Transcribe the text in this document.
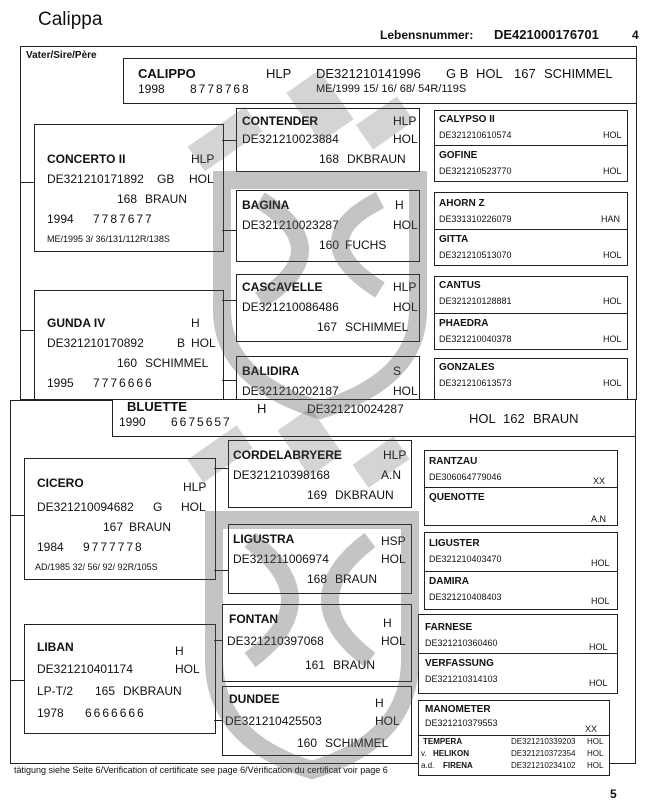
Calippa
Lebensnummer: DE421000176701	4
Vater/Sire/Père
CALIPPO	HLP DE321210141996 G B HOL 167 SCHIMMEL
1998 8778768	ME/1999 15/ 16/ 68/ 54R/119S
CONCERTO II	HLP
DE321210171892 GB HOL
168 BRAUN
1994 7787677
ME/1995 3/ 36/131/112R/138S
GUNDA IV	H
DE321210170892	B HOL
160 SCHIMMEL
1995 7776666
CONTENDER	HLP
DE321210023884	HOL
168 DKBRAUN
BAGINA	H
DE321210023287	HOL
160 FUCHS
CASCAVELLE	HLP
DE321210086486	HOL
167 SCHIMMEL
BALIDIRA	S
DE321210202187	HOL
CALYPSO II
DE321210610574	HOL
GOFINE
DE321210523770	HOL
AHORN Z
DE331310226079	HAN
GITTA
DE321210513070	HOL
CANTUS
DE321210128881	HOL
PHAEDRA
DE321210040378	HOL
GONZALES
DE321210613573	HOL
BLUETTE	H	DE321210024287
HOL 162 BRAUN
1990 6675657
CICERO	HLP
DE321210094682 G HOL
167 BRAUN
1984 9777778
AD/1985 32/ 56/ 92/ 92R/105S
LIBAN	H
DE321210401174	HOL
LP-T/2 165 DKBRAUN
1978 6666666
CORDELABRYERE	HLP
DE321210398168	A.N
169 DKBRAUN
LIGUSTRA	HSP
DE321211006974	HOL
168 BRAUN
FONTAN	H
DE321210397068	HOL
161 BRAUN
DUNDEE	H
DE321210425503	HOL
160 SCHIMMEL
RANTZAU
DE306064779046	XX
QUENOTTE
A.N
LIGUSTER
DE321210403470	HOL
DAMIRA
DE321210408403	HOL
FARNESE
DE321210360460	HOL
VERFASSUNG
DE321210314103	HOL
MANOMETER
DE321210379553
XX
TEMPERA	DE321210339203 HOL
v. HELIKON	DE321210372354 HOL
a.d. FIRENA	DE321210234102 HOL
tätigung siehe Seite 6/Verification of certificate see page 6/Vérification du certificat voir page 6
5
